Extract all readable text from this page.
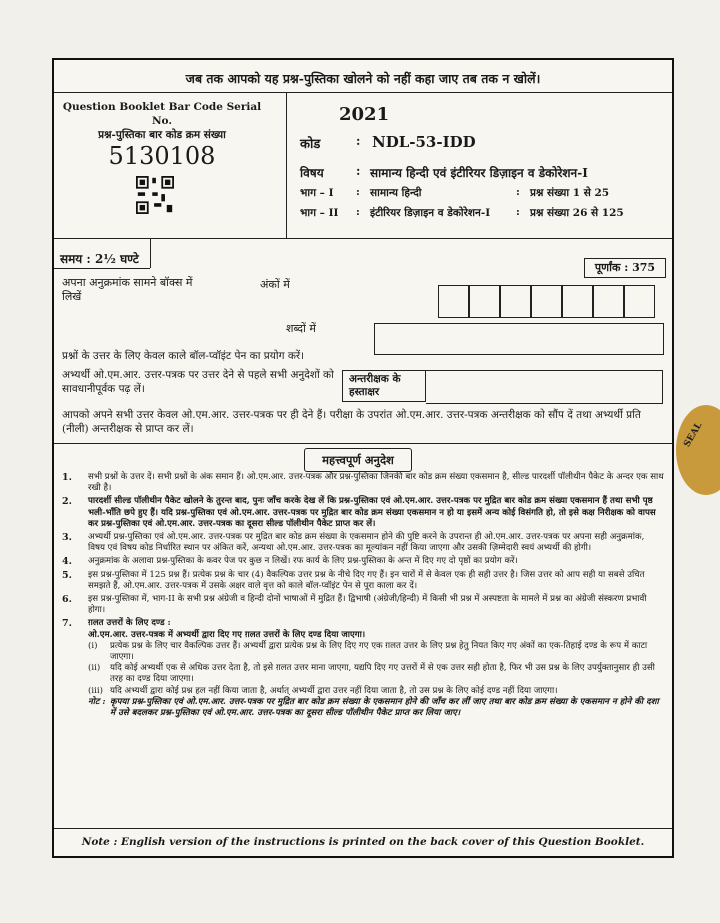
जब तक आपको यह प्रश्न-पुस्तिका खोलने को नहीं कहा जाए तब तक न खोलें।
Question Booklet Bar Code Serial No.
प्रश्न-पुस्तिका बार कोड क्रम संख्या
5130108
2021
कोड	: NDL-53-IDD
विषय	: सामान्य हिन्दी एवं इंटीरियर डिज़ाइन व डेकोरेशन-I
भाग – I : सामान्य हिन्दी	: प्रश्न संख्या 1 से 25
भाग – II : इंटीरियर डिज़ाइन व डेकोरेशन-I : प्रश्न संख्या 26 से 125
समय : 2½ घण्टे
पूर्णांक : 375
अपना अनुक्रमांक सामने बॉक्स में लिखें
अंकों में
शब्दों में
प्रश्नों के उत्तर के लिए केवल काले बॉल-प्वॉइंट पेन का प्रयोग करें।
अभ्यर्थी ओ.एम.आर. उत्तर-पत्रक पर उत्तर देने से पहले सभी अनुदेशों को सावधानीपूर्वक पढ़ लें।
अन्तरीक्षक के हस्ताक्षर
आपको अपने सभी उत्तर केवल ओ.एम.आर. उत्तर-पत्रक पर ही देने हैं। परीक्षा के उपरांत ओ.एम.आर. उत्तर-पत्रक अन्तरीक्षक को सौंप दें तथा अभ्यर्थी प्रति (नीली) अन्तरीक्षक से प्राप्त कर लें।
महत्त्वपूर्ण अनुदेश
1. सभी प्रश्नों के उत्तर दें। सभी प्रश्नों के अंक समान हैं। ओ.एम.आर. उत्तर-पत्रक और प्रश्न-पुस्तिका जिनकी बार कोड क्रम संख्या एकसमान है, सील्ड पारदर्शी पॉलीथीन पैकेट के अन्दर एक साथ रखी है।
2. पारदर्शी सील्ड पॉलीथीन पैकेट खोलने के तुरन्त बाद, पुनः जाँच करके देख लें कि प्रश्न-पुस्तिका एवं ओ.एम.आर. उत्तर-पत्रक पर मुद्रित बार कोड क्रम संख्या एकसमान हैं तथा सभी पृष्ठ भली-भाँति छपे हुए हैं। यदि प्रश्न-पुस्तिका एवं ओ.एम.आर. उत्तर-पत्रक पर मुद्रित बार कोड क्रम संख्या एकसमान न हो या इसमें अन्य कोई विसंगति हो, तो इसे कक्ष निरीक्षक को वापस कर प्रश्न-पुस्तिका एवं ओ.एम.आर. उत्तर-पत्रक का दूसरा सील्ड पॉलीथीन पैकेट प्राप्त कर लें।
3. अभ्यर्थी प्रश्न-पुस्तिका एवं ओ.एम.आर. उत्तर-पत्रक पर मुद्रित बार कोड क्रम संख्या के एकसमान होने की पुष्टि करने के उपरान्त ही ओ.एम.आर. उत्तर-पत्रक पर अपना सही अनुक्रमांक, विषय एवं विषय कोड निर्धारित स्थान पर अंकित करें, अन्यथा ओ.एम.आर. उत्तर-पत्रक का मूल्यांकन नहीं किया जाएगा और उसकी ज़िम्मेदारी स्वयं अभ्यर्थी की होगी।
4. अनुक्रमांक के अलावा प्रश्न-पुस्तिका के कवर पेज पर कुछ न लिखें। रफ कार्य के लिए प्रश्न-पुस्तिका के अन्त में दिए गए दो पृष्ठों का प्रयोग करें।
5. इस प्रश्न-पुस्तिका में 125 प्रश्न हैं। प्रत्येक प्रश्न के चार (4) वैकल्पिक उत्तर प्रश्न के नीचे दिए गए हैं। इन चारों में से केवल एक ही सही उत्तर है। जिस उत्तर को आप सही या सबसे उचित समझते हैं, ओ.एम.आर. उत्तर-पत्रक में उसके अक्षर वाले वृत्त को काले बॉल-प्वॉइंट पेन से पूरा काला कर दें।
6. इस प्रश्न-पुस्तिका में, भाग-II के सभी प्रश्न अंग्रेजी व हिन्दी दोनों भाषाओं में मुद्रित हैं। द्विभाषी (अंग्रेजी/हिन्दी) में किसी भी प्रश्न में अस्पष्टता के मामले में प्रश्न का अंग्रेजी संस्करण प्रभावी होगा।
7. ग़लत उत्तरों के लिए दण्ड :
ओ.एम.आर. उत्तर-पत्रक में अभ्यर्थी द्वारा दिए गए ग़लत उत्तरों के लिए दण्ड दिया जाएगा।
(i) प्रत्येक प्रश्न के लिए चार वैकल्पिक उत्तर हैं। अभ्यर्थी द्वारा प्रत्येक प्रश्न के लिए दिए गए एक ग़लत उत्तर के लिए प्रश्न हेतु नियत किए गए अंकों का एक-तिहाई दण्ड के रूप में काटा जाएगा।
(ii) यदि कोई अभ्यर्थी एक से अधिक उत्तर देता है, तो इसे ग़लत उत्तर माना जाएगा, यद्यपि दिए गए उत्तरों में से एक उत्तर सही होता है, फिर भी उस प्रश्न के लिए उपर्युक्तानुसार ही उसी तरह का दण्ड दिया जाएगा।
(iii) यदि अभ्यर्थी द्वारा कोई प्रश्न हल नहीं किया जाता है, अर्थात् अभ्यर्थी द्वारा उत्तर नहीं दिया जाता है, तो उस प्रश्न के लिए कोई दण्ड नहीं दिया जाएगा।
नोट : कृपया प्रश्न-पुस्तिका एवं ओ.एम.आर. उत्तर-पत्रक पर मुद्रित बार कोड क्रम संख्या के एकसमान होने की जाँच कर लीं जाए तथा बार कोड क्रम संख्या के एकसमान न होने की दशा में उसे बदलकर प्रश्न-पुस्तिका एवं ओ.एम.आर. उत्तर-पत्रक का दूसरा सील्ड पॉलीथीन पैकेट प्राप्त कर लिया जाए।
Note : English version of the instructions is printed on the back cover of this Question Booklet.
SEAL
